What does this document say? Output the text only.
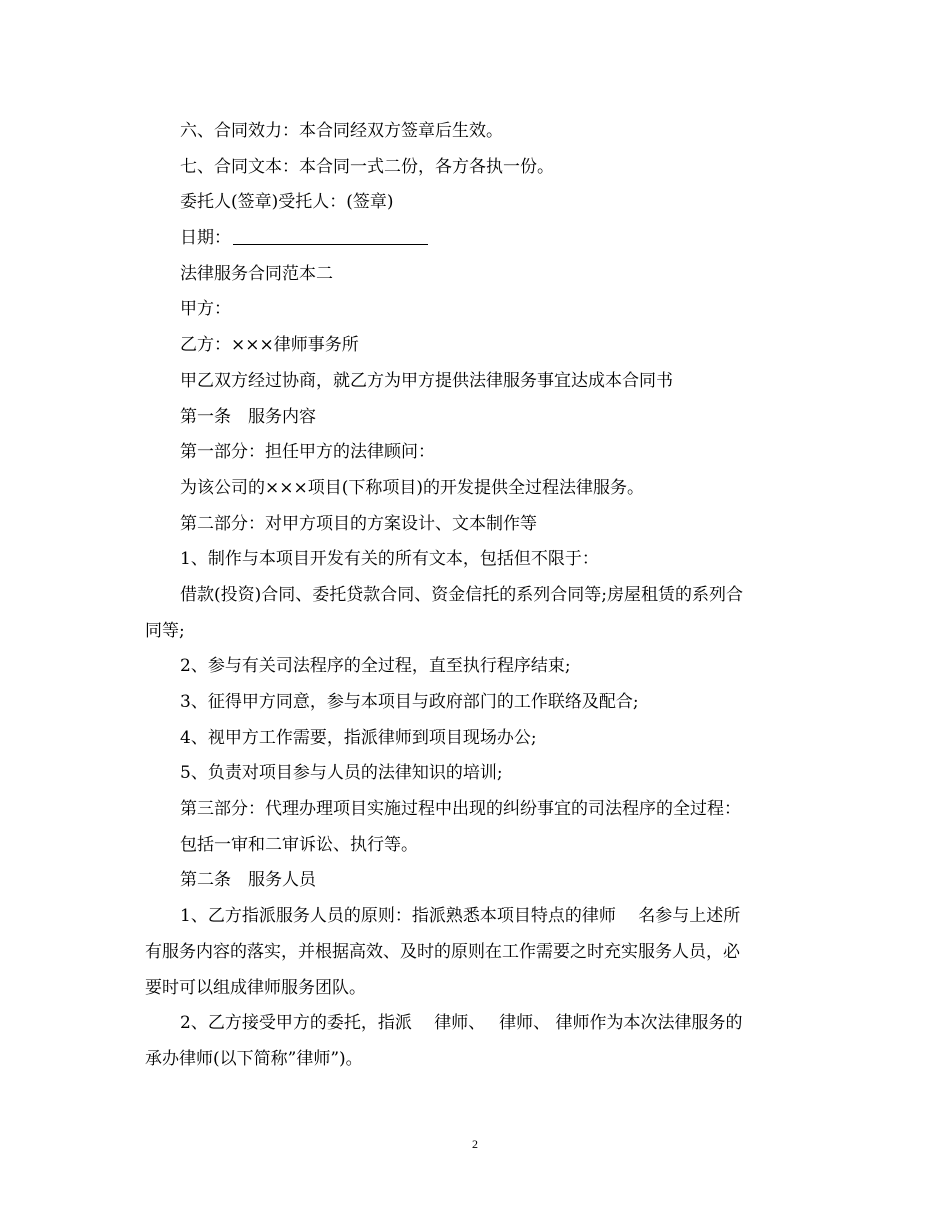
六、合同效力：本合同经双方签章后生效。
七、合同文本：本合同一式二份，各方各执一份。
委托人(签章)受托人：(签章)
日期：
法律服务合同范本二
甲方：
乙方：×××律师事务所
甲乙双方经过协商，就乙方为甲方提供法律服务事宜达成本合同书
第一条　服务内容
第一部分：担任甲方的法律顾问：
为该公司的×××项目(下称项目)的开发提供全过程法律服务。
第二部分：对甲方项目的方案设计、文本制作等
1、制作与本项目开发有关的所有文本，包括但不限于：
借款(投资)合同、委托贷款合同、资金信托的系列合同等;房屋租赁的系列合
同等;
2、参与有关司法程序的全过程，直至执行程序结束;
3、征得甲方同意，参与本项目与政府部门的工作联络及配合;
4、视甲方工作需要，指派律师到项目现场办公;
5、负责对项目参与人员的法律知识的培训;
第三部分：代理办理项目实施过程中出现的纠纷事宜的司法程序的全过程：
包括一审和二审诉讼、执行等。
第二条　服务人员
1、乙方指派服务人员的原则：指派熟悉本项目特点的律师　 名参与上述所
有服务内容的落实，并根据高效、及时的原则在工作需要之时充实服务人员，必
要时可以组成律师服务团队。
2、乙方接受甲方的委托，指派　 律师、　 律师、 律师作为本次法律服务的
承办律师(以下简称”律师”)。
2
